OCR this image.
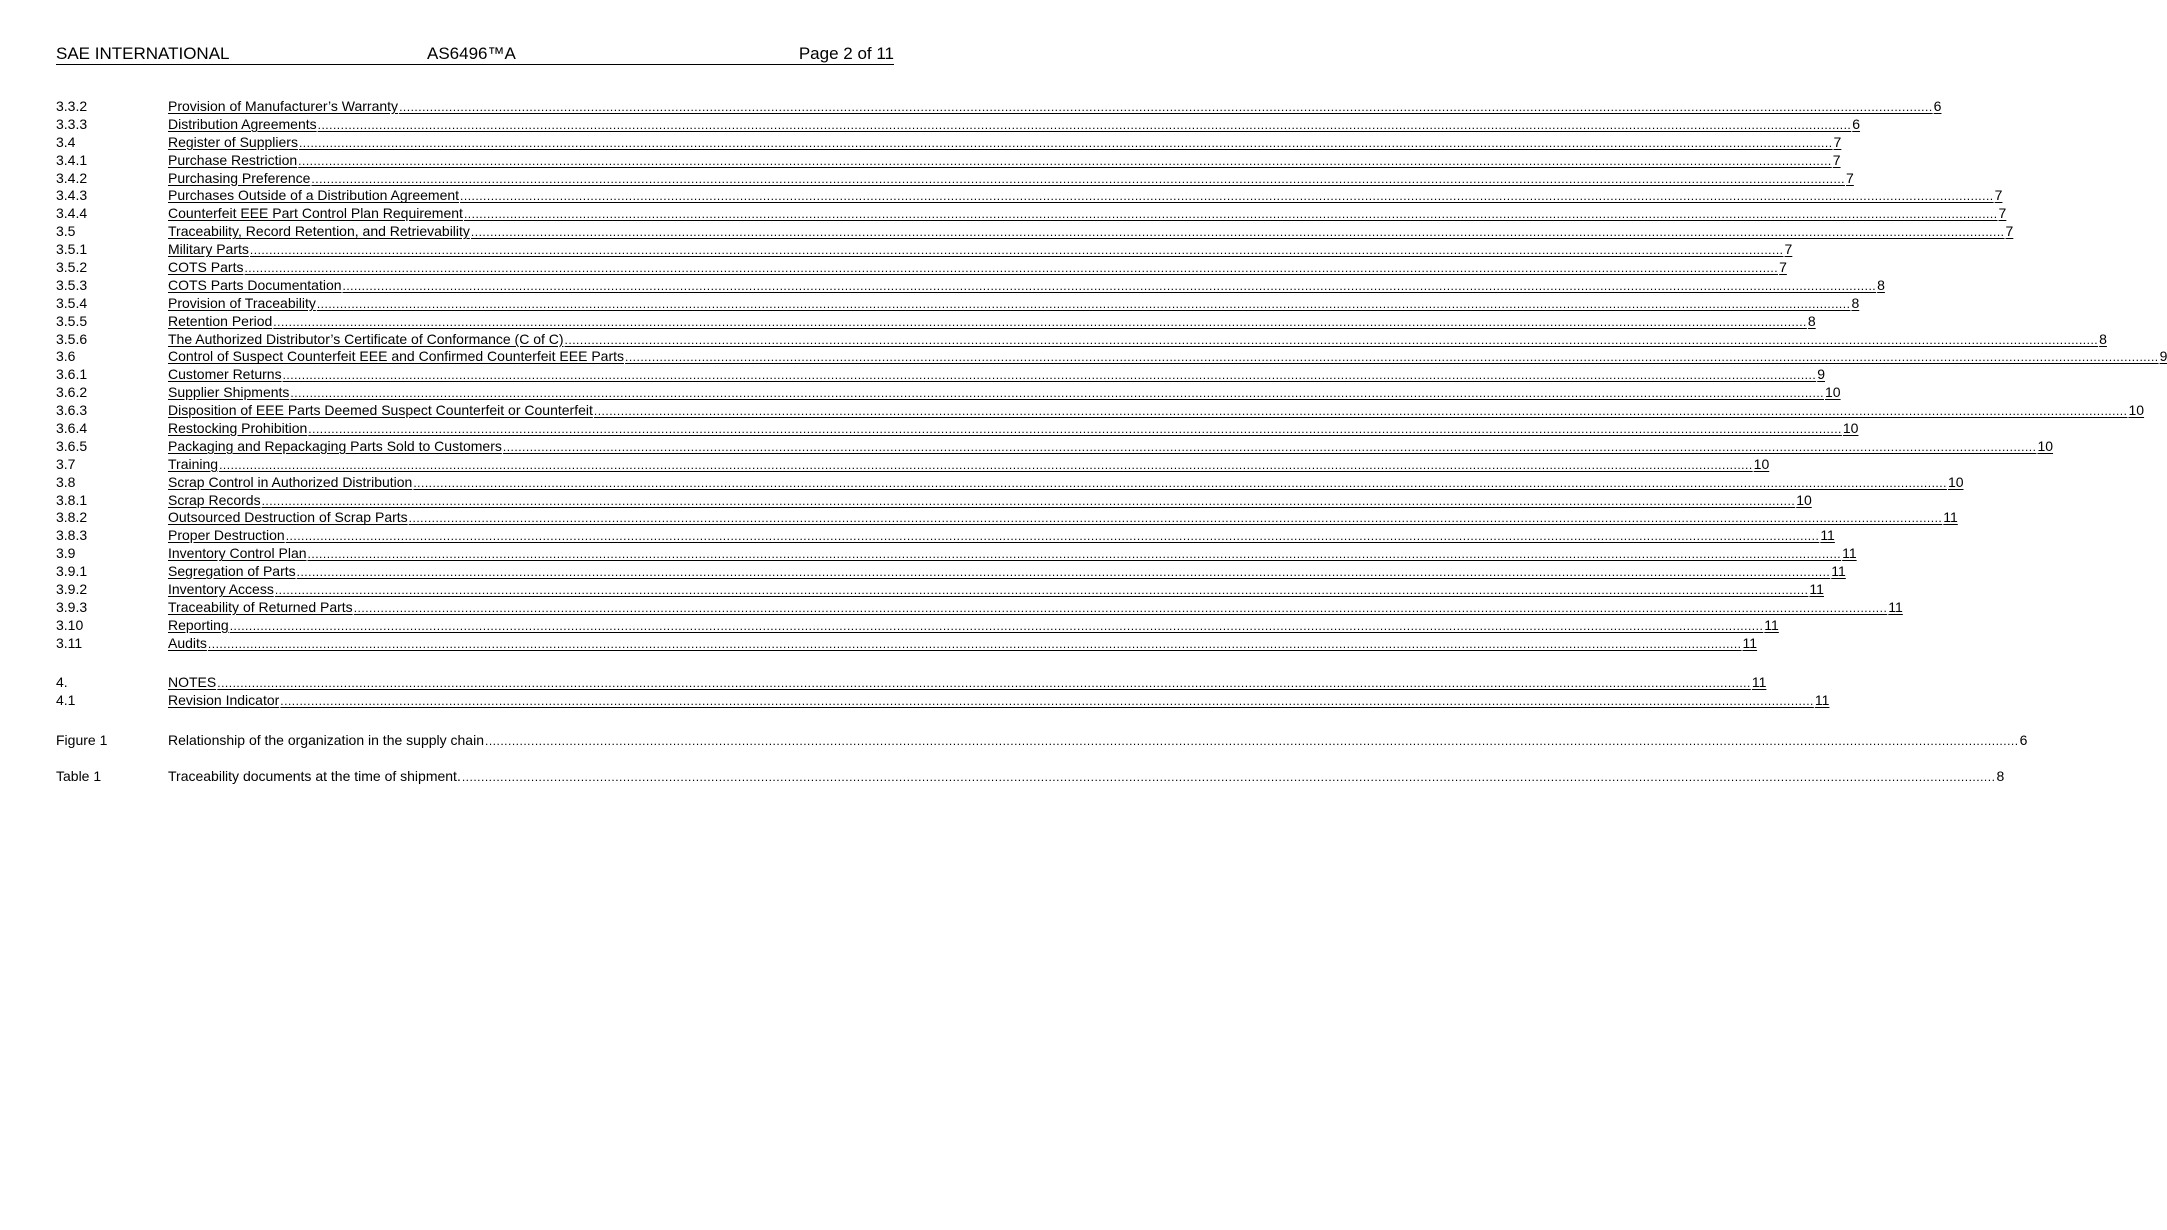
SAE INTERNATIONAL	AS6496™A	Page 2 of 11
3.3.2	Provision of Manufacturer’s Warranty ................................................................................................................................................................................................................................................................................................................................................................................................................ 6
3.3.3	Distribution Agreements ................................................................................................................................................................................................................................................................................................................................................................................................................ 6
3.4	Register of Suppliers ................................................................................................................................................................................................................................................................................................................................................................................................................ 7
3.4.1	Purchase Restriction ................................................................................................................................................................................................................................................................................................................................................................................................................ 7
3.4.2	Purchasing Preference ................................................................................................................................................................................................................................................................................................................................................................................................................ 7
3.4.3	Purchases Outside of a Distribution Agreement ................................................................................................................................................................................................................................................................................................................................................................................................................ 7
3.4.4	Counterfeit EEE Part Control Plan Requirement ................................................................................................................................................................................................................................................................................................................................................................................................................ 7
3.5	Traceability, Record Retention, and Retrievability ................................................................................................................................................................................................................................................................................................................................................................................................................ 7
3.5.1	Military Parts ................................................................................................................................................................................................................................................................................................................................................................................................................ 7
3.5.2	COTS Parts ................................................................................................................................................................................................................................................................................................................................................................................................................ 7
3.5.3	COTS Parts Documentation ................................................................................................................................................................................................................................................................................................................................................................................................................ 8
3.5.4	Provision of Traceability ................................................................................................................................................................................................................................................................................................................................................................................................................ 8
3.5.5	Retention Period ................................................................................................................................................................................................................................................................................................................................................................................................................ 8
3.5.6	The Authorized Distributor’s Certificate of Conformance (C of C) ................................................................................................................................................................................................................................................................................................................................................................................................................ 8
3.6	Control of Suspect Counterfeit EEE and Confirmed Counterfeit EEE Parts ................................................................................................................................................................................................................................................................................................................................................................................................................ 9
3.6.1	Customer Returns ................................................................................................................................................................................................................................................................................................................................................................................................................ 9
3.6.2	Supplier Shipments ................................................................................................................................................................................................................................................................................................................................................................................................................ 10
3.6.3	Disposition of EEE Parts Deemed Suspect Counterfeit or Counterfeit ................................................................................................................................................................................................................................................................................................................................................................................................................ 10
3.6.4	Restocking Prohibition ................................................................................................................................................................................................................................................................................................................................................................................................................ 10
3.6.5	Packaging and Repackaging Parts Sold to Customers ................................................................................................................................................................................................................................................................................................................................................................................................................ 10
3.7	Training ................................................................................................................................................................................................................................................................................................................................................................................................................ 10
3.8	Scrap Control in Authorized Distribution ................................................................................................................................................................................................................................................................................................................................................................................................................ 10
3.8.1	Scrap Records ................................................................................................................................................................................................................................................................................................................................................................................................................ 10
3.8.2	Outsourced Destruction of Scrap Parts ................................................................................................................................................................................................................................................................................................................................................................................................................ 11
3.8.3	Proper Destruction ................................................................................................................................................................................................................................................................................................................................................................................................................ 11
3.9	Inventory Control Plan ................................................................................................................................................................................................................................................................................................................................................................................................................ 11
3.9.1	Segregation of Parts ................................................................................................................................................................................................................................................................................................................................................................................................................ 11
3.9.2	Inventory Access ................................................................................................................................................................................................................................................................................................................................................................................................................ 11
3.9.3	Traceability of Returned Parts ................................................................................................................................................................................................................................................................................................................................................................................................................ 11
3.10	Reporting ................................................................................................................................................................................................................................................................................................................................................................................................................ 11
3.11	Audits ................................................................................................................................................................................................................................................................................................................................................................................................................ 11
4.	NOTES ................................................................................................................................................................................................................................................................................................................................................................................................................ 11
4.1	Revision Indicator ................................................................................................................................................................................................................................................................................................................................................................................................................ 11
Figure 1	Relationship of the organization in the supply chain ................................................................................................................................................................................................................................................................................................................................................................................................................ 6
Table 1	Traceability documents at the time of shipment. ................................................................................................................................................................................................................................................................................................................................................................................................................ 8
